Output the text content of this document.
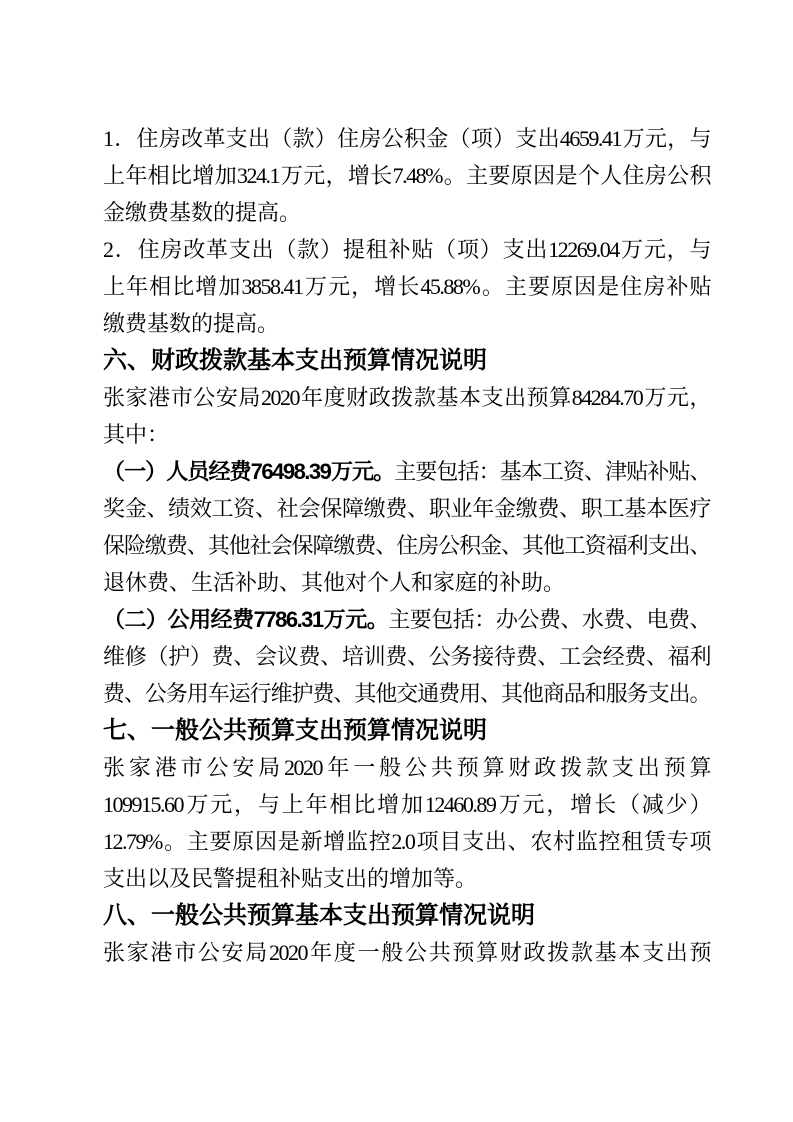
1．住房改革支出（款）住房公积金（项）支出4659.41万元，与
上年相比增加324.1万元，增长7.48%。主要原因是个人住房公积
金缴费基数的提高。
2．住房改革支出（款）提租补贴（项）支出12269.04万元，与
上年相比增加3858.41万元，增长45.88%。主要原因是住房补贴
缴费基数的提高。
六、财政拨款基本支出预算情况说明
张家港市公安局2020年度财政拨款基本支出预算84284.70万元，
其中：
（一）人员经费76498.39万元。主要包括：基本工资、津贴补贴、
奖金、绩效工资、社会保障缴费、职业年金缴费、职工基本医疗
保险缴费、其他社会保障缴费、住房公积金、其他工资福利支出、
退休费、生活补助、其他对个人和家庭的补助。
（二）公用经费7786.31万元。主要包括：办公费、水费、电费、
维修（护）费、会议费、培训费、公务接待费、工会经费、福利
费、公务用车运行维护费、其他交通费用、其他商品和服务支出。
七、一般公共预算支出预算情况说明
张家港市公安局2020年一般公共预算财政拨款支出预算
109915.60万元，与上年相比增加12460.89万元，增长（减少）
12.79%。主要原因是新增监控2.0项目支出、农村监控租赁专项
支出以及民警提租补贴支出的增加等。
八、一般公共预算基本支出预算情况说明
张家港市公安局2020年度一般公共预算财政拨款基本支出预
